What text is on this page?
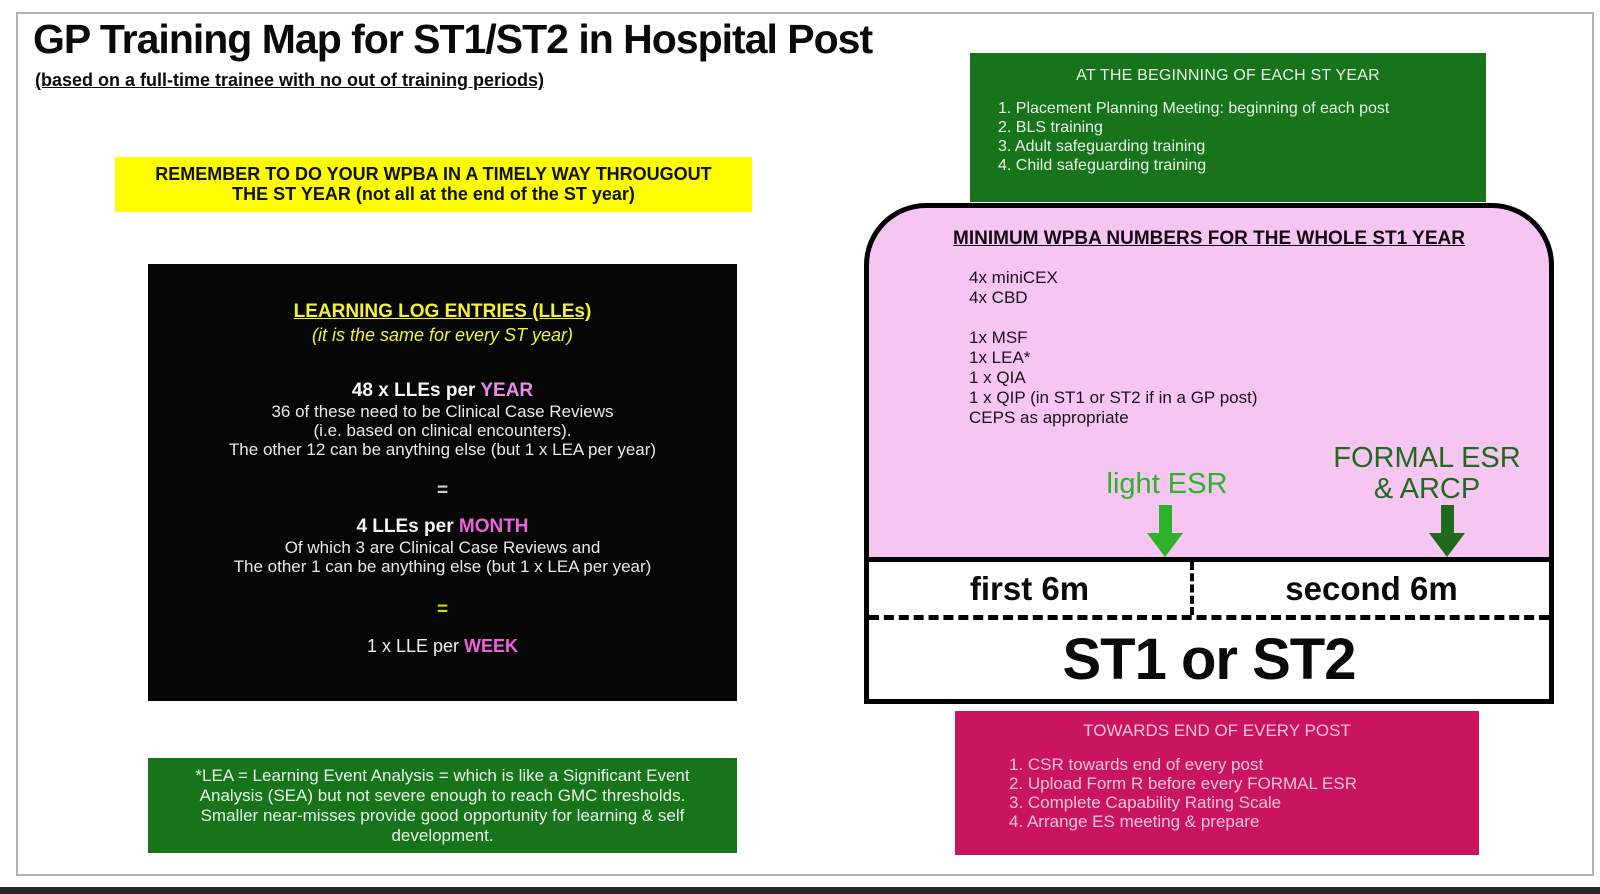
GP Training Map for ST1/ST2 in Hospital Post
(based on a full-time trainee with no out of training periods)
REMEMBER TO DO YOUR WPBA IN A TIMELY WAY THROUGOUT
THE ST YEAR (not all at the end of the ST year)
AT THE BEGINNING OF EACH ST YEAR
1. Placement Planning Meeting: beginning of each post
2. BLS training
3. Adult safeguarding training
4. Child safeguarding training
LEARNING LOG ENTRIES (LLEs)
(it is the same for every ST year)
48 x LLEs per YEAR
36 of these need to be Clinical Case Reviews
(i.e. based on clinical encounters).
The other 12 can be anything else (but 1 x LEA per year)
=
4 LLEs per MONTH
Of which 3 are Clinical Case Reviews and
The other 1 can be anything else (but 1 x LEA per year)
=
1 x LLE per WEEK
*LEA = Learning Event Analysis = which is like a Significant Event
Analysis (SEA) but not severe enough to reach GMC thresholds.
Smaller near-misses provide good opportunity for learning & self
development.
MINIMUM WPBA NUMBERS FOR THE WHOLE ST1 YEAR
4x miniCEX
4x CBD
1x MSF
1x LEA*
1 x QIA
1 x QIP (in ST1 or ST2 if in a GP post)
CEPS as appropriate
light ESR
FORMAL ESR
& ARCP
first 6m	second 6m
ST1 or ST2
TOWARDS END OF EVERY POST
1. CSR towards end of every post
2. Upload Form R before every FORMAL ESR
3. Complete Capability Rating Scale
4. Arrange ES meeting & prepare
